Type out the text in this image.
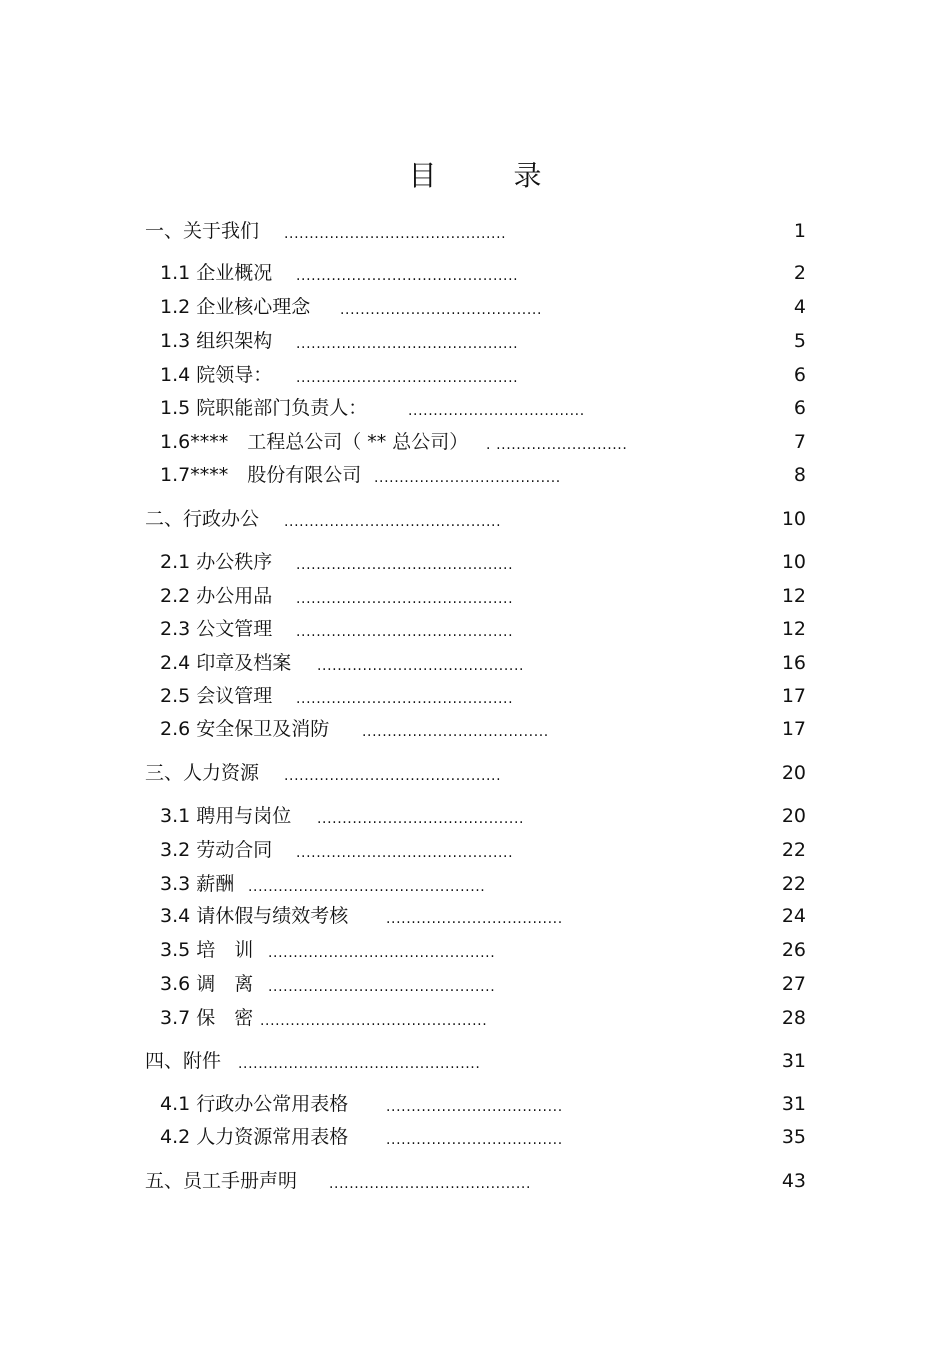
目 录
一、关于我们 ............................................	1
1.1 企业概况 ............................................	2
1.2 企业核心理念 ........................................	4
1.3 组织架构 ............................................	5
1.4 院领导： ............................................	6
1.5 院职能部门负责人：	...................................	6
1.6****　工程总公司（ ** 总公司） . ..........................	7
1.7****　股份有限公司 .....................................	8
二、行政办公 ...........................................	10
2.1 办公秩序 ...........................................	10
2.2 办公用品 ...........................................	12
2.3 公文管理 ...........................................	12
2.4 印章及档案 .........................................	16
2.5 会议管理 ...........................................	17
2.6 安全保卫及消防 .....................................	17
三、人力资源 ...........................................	20
3.1 聘用与岗位 .........................................	20
3.2 劳动合同 ...........................................	22
3.3 薪酬 ...............................................	22
3.4 请休假与绩效考核	...................................	24
3.5 培　训 .............................................	26
3.6 调　离 .............................................	27
3.7 保　密 .............................................	28
四、附件 ................................................	31
4.1 行政办公常用表格	...................................	31
4.2 人力资源常用表格	...................................	35
五、员工手册声明 ........................................	43
